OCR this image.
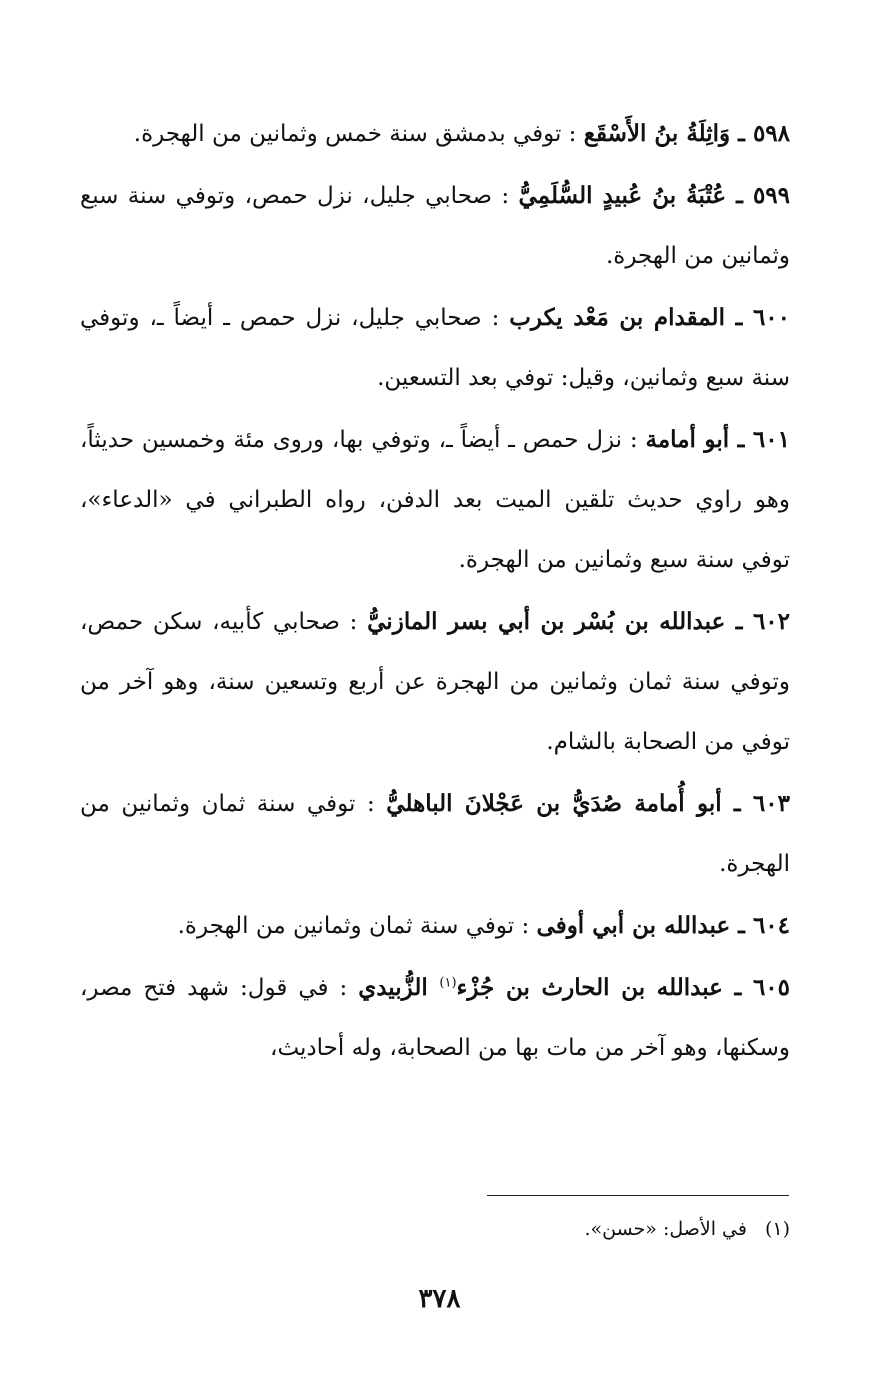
٥٩٨ ـ وَاثِلَةُ بنُ الأَسْقَع : توفي بدمشق سنة خمس وثمانين من الهجرة.

٥٩٩ ـ عُتْبَةُ بنُ عُبيدٍ السُّلَمِيُّ : صحابي جليل، نزل حمص، وتوفي سنة سبع وثمانين من الهجرة.

٦٠٠ ـ المقدام بن مَعْد يكرب : صحابي جليل، نزل حمص ـ أيضاً ـ، وتوفي سنة سبع وثمانين، وقيل: توفي بعد التسعين.

٦٠١ ـ أبو أمامة : نزل حمص ـ أيضاً ـ، وتوفي بها، وروى مئة وخمسين حديثاً، وهو راوي حديث تلقين الميت بعد الدفن، رواه الطبراني في «الدعاء»، توفي سنة سبع وثمانين من الهجرة.

٦٠٢ ـ عبدالله بن بُسْر بن أبي بسر المازنيُّ : صحابي كأبيه، سكن حمص، وتوفي سنة ثمان وثمانين من الهجرة عن أربع وتسعين سنة، وهو آخر من توفي من الصحابة بالشام.

٦٠٣ ـ أبو أُمامة صُدَيُّ بن عَجْلانَ الباهليُّ : توفي سنة ثمان وثمانين من الهجرة.

٦٠٤ ـ عبدالله بن أبي أوفى : توفي سنة ثمان وثمانين من الهجرة.

٦٠٥ ـ عبدالله بن الحارث بن جُزْء$^{(١)}$ الزُّبيدي : في قول: شهد فتح مصر، وسكنها، وهو آخر من مات بها من الصحابة، وله أحاديث،

(١)في الأصل: «حسن».
٣٧٨
